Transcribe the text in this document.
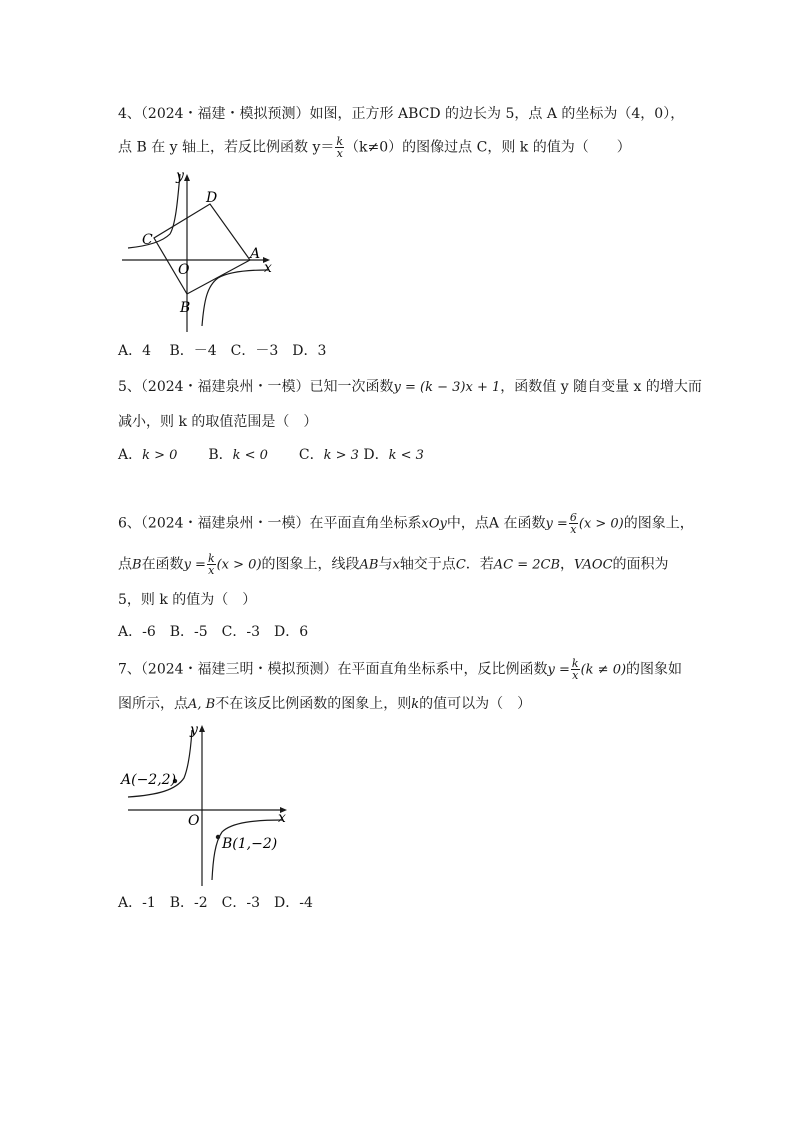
4、（2024・福建・模拟预测）如图，正方形 ABCD 的边长为 5，点 A 的坐标为（4，0），
点 B 在 y 轴上，若反比例函数 $y= \frac{k}{x} (k\ne 0)$的图像过点 C，则 k 的值为（　　）
y
x
O
A
B
C
D
A．4　 B．－4　C．－3　D．3
5、（2024・福建泉州・一模）已知一次函数y = (k − 3)x + 1，函数值 y 随自变量 x 的增大而
减小，则 k 的取值范围是（　）
A．k > 0 B．k < 0 C．k > 3 D．k < 3
6、（2024・福建泉州・一模）在平面直角坐标系xOy中，点A 在函数$y = \frac{6}{x} (x > 0)$的图象上，
点B在函数$y = \frac{k}{x} (x > 0)$的图象上，线段AB与x轴交于点C．若AC = 2CB，VAOC的面积为
5，则 k 的值为（　）
A．-6　B．-5　C．-3　D．6
7、（2024・福建三明・模拟预测）在平面直角坐标系中，反比例函数$y = \frac{k}{x} (k \ne 0)$的图象如
图所示，点A, B不在该反比例函数的图象上，则k的值可以为（　）
y
x
O
A(−2,2)
B(1,−2)
A．-1　B．-2　C．-3　D．-4
